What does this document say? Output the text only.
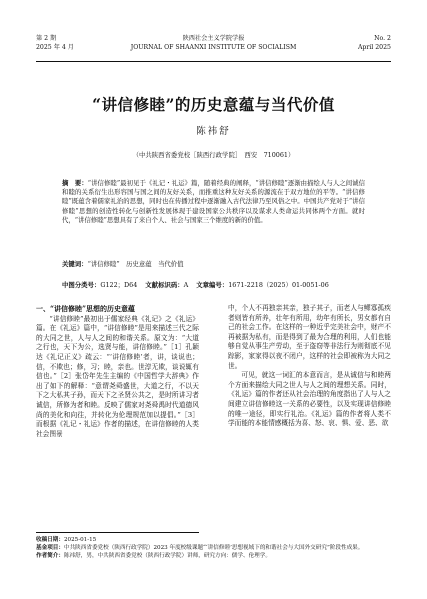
第 2 期
2025 年 4 月
陕西社会主义学院学报
JOURNAL OF SHAANXI INSTITUTE OF SOCIALISM
No. 2
April 2025
“讲信修睦”的历史意蕴与当代价值
陈祎舒
（中共陕西省委党校［陕西行政学院］　西安　710061）
摘　要：“讲信修睦”最初见于《礼记・礼运》篇，随着经典的阐释，“讲信修睦”逐渐由描绘人与人之间诚信和睦的关系衍生出形容国与国之间的友好关系，而推重这种友好关系的源流在于双方地位的平等。“讲信修睦”既蕴含着儒家礼治的思想，同时也在传播过程中逐渐融入古代法律乃至风俗之中。中国共产党对于“讲信修睦”思想的创造性转化与创新性发展体现于建设国家公共秩序以及谋求人类命运共同体两个方面。就时代，“讲信修睦”思想具有了来自个人、社会与国家三个维度的新的价值。
关键词：“讲信修睦”　历史意蕴　当代价值
中图分类号：G122；D64 文献标识码：A 文章编号：1671-2218（2025）01-0051-06
一、“讲信修睦”思想的历史意蕴

“讲信修睦”最初出于儒家经典《礼记》之《礼运》篇。在《礼运》篇中，“讲信修睦”是用来描述三代之际的大同之世，人与人之间的和谐关系。原文为：“大道之行也，天下为公，选贤与能，讲信修睦。”［1］孔颖达《礼记正义》疏云：“‘讲信修睦’者，讲，谈说也；信，不欺也；修，习；睦，亲也。世淳无欺，谈说辄有信也。”［2］张岱年先生主编的《中国哲学大辞典》作出了如下的解释：“意谓尧舜盛世，大道之行，不以天下之大私其子孙，而天下之圣贤公共之，是时所讲习者诚信，所修为者和睦。反映了儒家对尧舜禹时代道德风尚的美化和向往，并转化为伦理规范加以提倡。”［3］而根据《礼记・礼运》作者的描述，在讲信修睦的人类社会图景

中，个人不再独亲其亲，独子其子，而老人与鳏寡孤疾者则皆有所养，壮年有所用，幼年有所长，男女都有自己的社会工作。在这样的一种近乎完美社会中，财产不再被据为私有，而是得到了最为合理的利用，人们也能够自觉从事生产劳动，至于盗窃等非法行为则彻底不见踪影，家家得以夜不闭户，这样的社会即被称为大同之世。

可见，就这一词汇的本意而言，是从诚信与和睦两个方面来描绘大同之世人与人之间的理想关系。同时，《礼运》篇的作者还从社会治理的角度指出了人与人之间建立讲信修睦这一关系的必要性，以及实现讲信修睦的唯一途径，即实行礼治。《礼运》篇的作者将人类不学而能的本能情感概括为喜、怒、哀、惧、爱、恶、欲

收稿日期：2025-01-15

基金项目：中共陕西省委党校（陕西行政学院）2023 年度校级课题“‘讲信修睦’思想视域下的和谐社会与大国外交研究”阶段性成果。

作者简介：陈祎舒，男，中共陕西省委党校（陕西行政学院）讲师，研究方向：儒学、伦理学。
